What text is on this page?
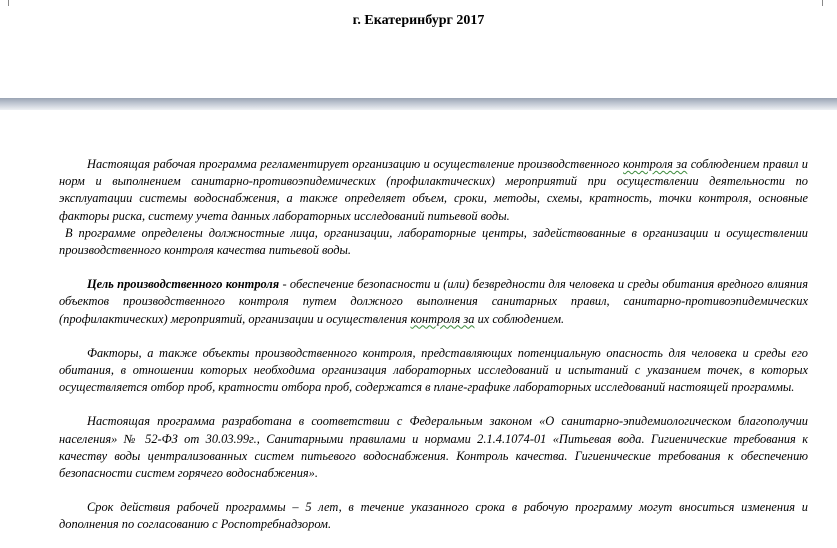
г. Екатеринбург 2017

Настоящая рабочая программа регламентирует организацию и осуществление производственного контроля за соблюдением правил и норм и выполнением санитарно-противоэпидемических (профилактических) мероприятий при осуществлении деятельности по эксплуатации системы водоснабжения, а также определяет объем, сроки, методы, схемы, кратность, точки контроля, основные факторы риска, систему учета данных лабораторных исследований питьевой воды.

В программе определены должностные лица, организации, лабораторные центры, задействованные в организации и осуществлении производственного контроля качества питьевой воды.

Цель производственного контроля - обеспечение безопасности и (или) безвредности для человека и среды обитания вредного влияния объектов производственного контроля путем должного выполнения санитарных правил, санитарно-противоэпидемических (профилактических) мероприятий, организации и осуществления контроля за их соблюдением.

Факторы, а также объекты производственного контроля, представляющих потенциальную опасность для человека и среды его обитания, в отношении которых необходима организация лабораторных исследований и испытаний с указанием точек, в которых осуществляется отбор проб, кратности отбора проб, содержатся в плане-графике лабораторных исследований настоящей программы.

Настоящая программа разработана в соответствии с Федеральным законом «О санитарно-эпидемиологическом благополучии населения» № 52-ФЗ от 30.03.99г., Санитарными правилами и нормами 2.1.4.1074-01 «Питьевая вода. Гигиенические требования к качеству воды централизованных систем питьевого водоснабжения. Контроль качества. Гигиенические требования к обеспечению безопасности систем горячего водоснабжения».

Срок действия рабочей программы – 5 лет, в течение указанного срока в рабочую программу могут вноситься изменения и дополнения по согласованию с Роспотребнадзором.
